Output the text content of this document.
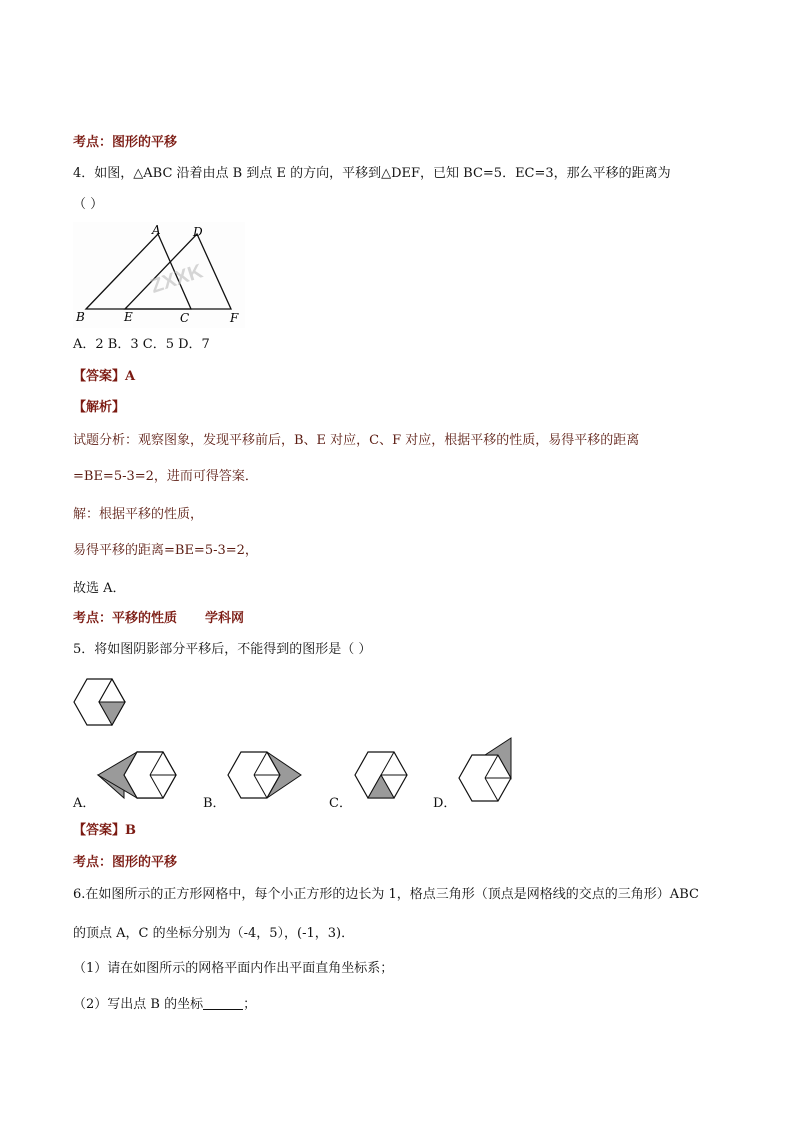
考点：图形的平移
4．如图，△ABC 沿着由点 B 到点 E 的方向，平移到△DEF，已知 BC=5．EC=3，那么平移的距离为
（ ）
ZXXK
A	D
B	E	C	F
A．2 B．3 C．5 D．7
【答案】A
【解析】
试题分析：观察图象，发现平移前后，B、E 对应，C、F 对应，根据平移的性质，易得平移的距离
=BE=5-3=2，进而可得答案．
解：根据平移的性质，
易得平移的距离=BE=5-3=2，
故选 A．
考点：平移的性质 学科网
5．将如图阴影部分平移后，不能得到的图形是（ ）
A．	B．	C．	D．
【答案】B
考点：图形的平移
6.在如图所示的正方形网格中，每个小正方形的边长为 1，格点三角形（顶点是网格线的交点的三角形）ABC
的顶点 A，C 的坐标分别为（-4，5），(-1，3)．
（1）请在如图所示的网格平面内作出平面直角坐标系；
（2）写出点 B 的坐标	；
